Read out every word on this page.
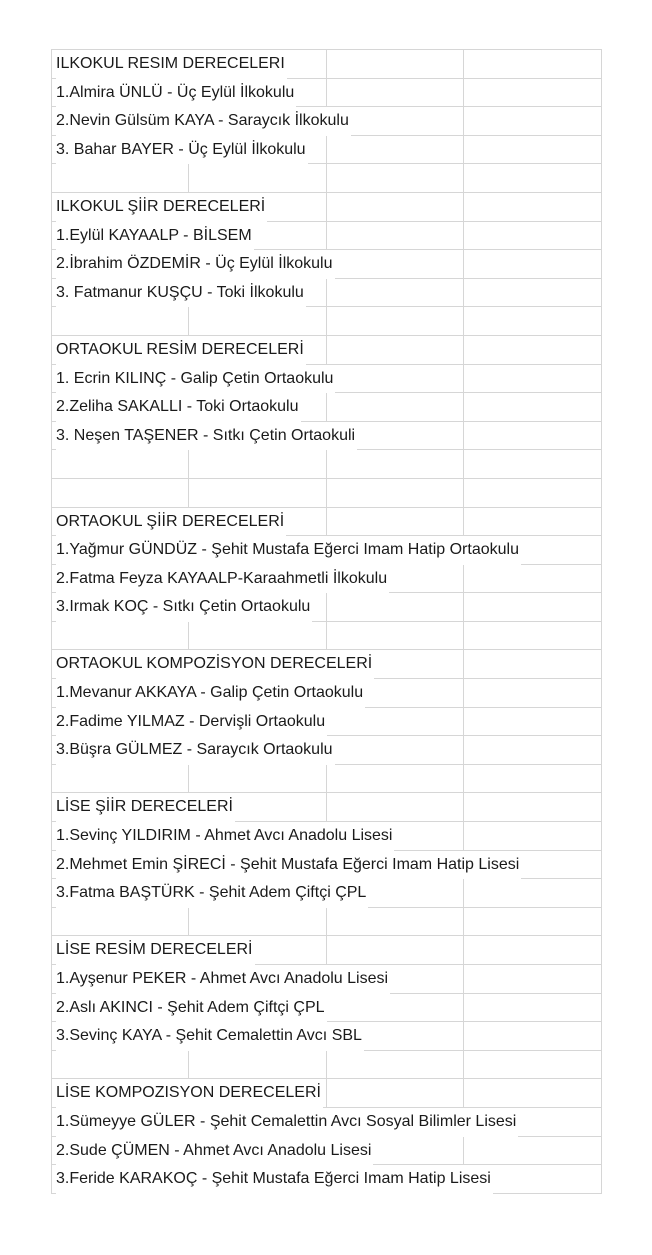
ILKOKUL RESIM DERECELERI
1.Almira ÜNLÜ - Üç Eylül İlkokulu
2.Nevin Gülsüm KAYA - Saraycık İlkokulu
3. Bahar BAYER - Üç Eylül İlkokulu
ILKOKUL ŞİİR DERECELERİ
1.Eylül KAYAALP - BİLSEM
2.İbrahim ÖZDEMİR - Üç Eylül İlkokulu
3. Fatmanur KUŞÇU - Toki İlkokulu
ORTAOKUL RESİM DERECELERİ
1. Ecrin KILINÇ - Galip Çetin Ortaokulu
2.Zeliha SAKALLI - Toki Ortaokulu
3. Neşen TAŞENER - Sıtkı Çetin Ortaokuli
ORTAOKUL ŞİİR DERECELERİ
1.Yağmur GÜNDÜZ - Şehit Mustafa Eğerci Imam Hatip Ortaokulu
2.Fatma Feyza KAYAALP-Karaahmetli İlkokulu
3.Irmak KOÇ - Sıtkı Çetin Ortaokulu
ORTAOKUL KOMPOZİSYON DERECELERİ
1.Mevanur AKKAYA - Galip Çetin Ortaokulu
2.Fadime YILMAZ - Dervişli Ortaokulu
3.Büşra GÜLMEZ - Saraycık Ortaokulu
LİSE ŞİİR DERECELERİ
1.Sevinç YILDIRIM - Ahmet Avcı Anadolu Lisesi
2.Mehmet Emin ŞİRECİ - Şehit Mustafa Eğerci Imam Hatip Lisesi
3.Fatma BAŞTÜRK - Şehit Adem Çiftçi ÇPL
LİSE RESİM DERECELERİ
1.Ayşenur PEKER - Ahmet Avcı Anadolu Lisesi
2.Aslı AKINCI - Şehit Adem Çiftçi ÇPL
3.Sevinç KAYA - Şehit Cemalettin Avcı SBL
LİSE KOMPOZISYON DERECELERİ
1.Sümeyye GÜLER - Şehit Cemalettin Avcı Sosyal Bilimler Lisesi
2.Sude ÇÜMEN - Ahmet Avcı Anadolu Lisesi
3.Feride KARAKOÇ - Şehit Mustafa Eğerci Imam Hatip Lisesi
